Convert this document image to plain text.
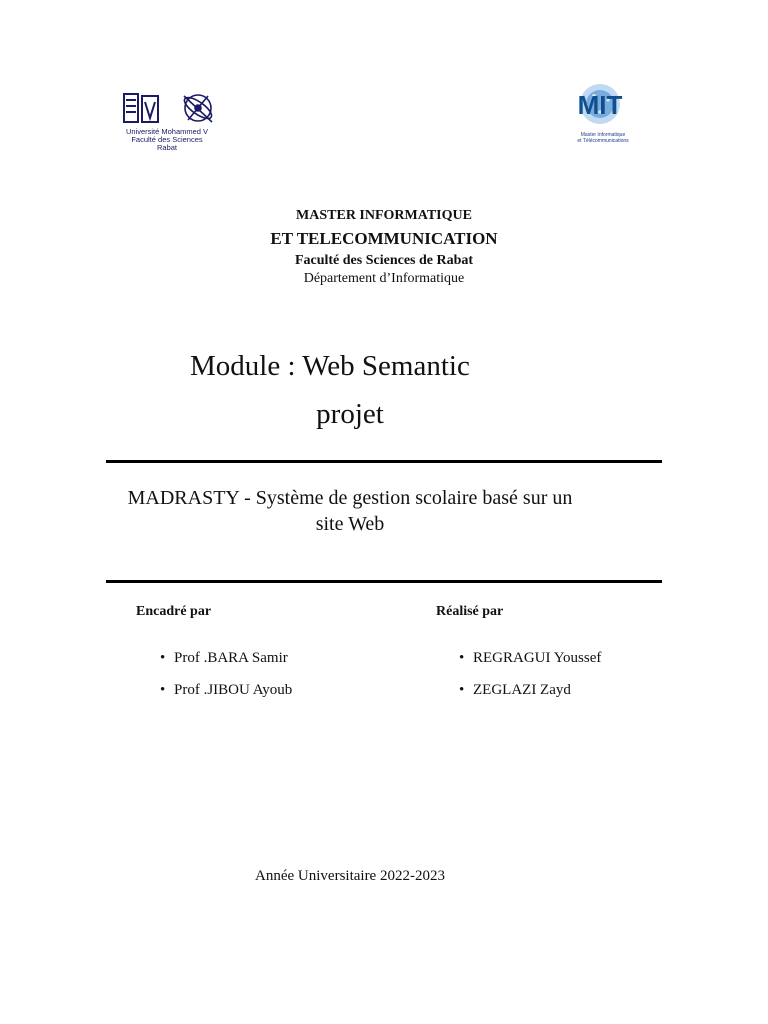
Université Mohammed V
Faculté des Sciences
Rabat
MIT
Master Informatique
et Télécommunications
MASTER INFORMATIQUE
ET TELECOMMUNICATION
Faculté des Sciences de Rabat
Département d’Informatique
Module : Web Semantic
projet
MADRASTY - Système de gestion scolaire basé sur un site Web
Encadré par
• Prof .BARA Samir
• Prof .JIBOU Ayoub
Réalisé par
• REGRAGUI Youssef
• ZEGLAZI Zayd
Année Universitaire 2022-2023
